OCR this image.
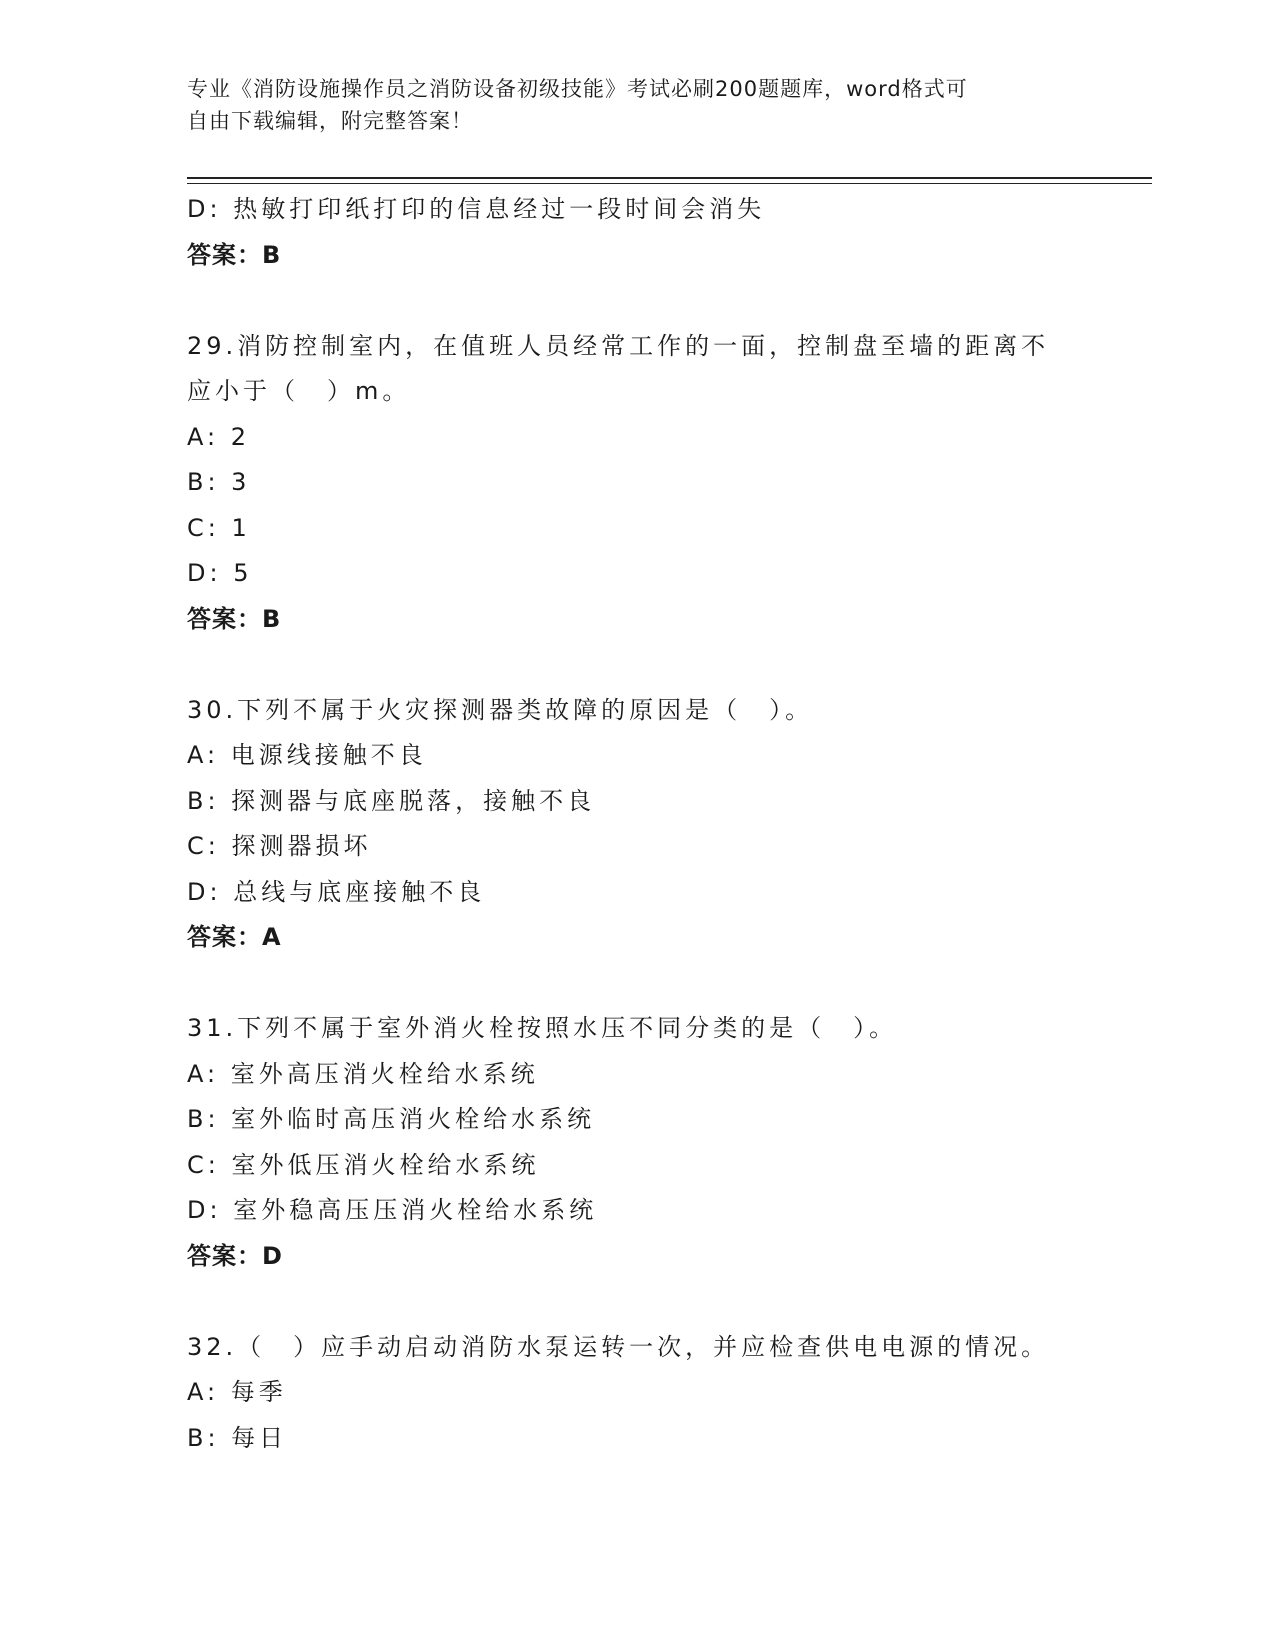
专业《消防设施操作员之消防设备初级技能》考试必刷200题题库，word格式可
自由下载编辑，附完整答案！
D: 热敏打印纸打印的信息经过一段时间会消失
答案：B
29.消防控制室内，在值班人员经常工作的一面，控制盘至墙的距离不
应小于（　）m。
A: 2
B: 3
C: 1
D: 5
答案：B
30.下列不属于火灾探测器类故障的原因是（　）。
A: 电源线接触不良
B: 探测器与底座脱落，接触不良
C: 探测器损坏
D: 总线与底座接触不良
答案：A
31.下列不属于室外消火栓按照水压不同分类的是（　）。
A: 室外高压消火栓给水系统
B: 室外临时高压消火栓给水系统
C: 室外低压消火栓给水系统
D: 室外稳高压压消火栓给水系统
答案：D
32.（　）应手动启动消防水泵运转一次，并应检查供电电源的情况。
A: 每季
B: 每日
